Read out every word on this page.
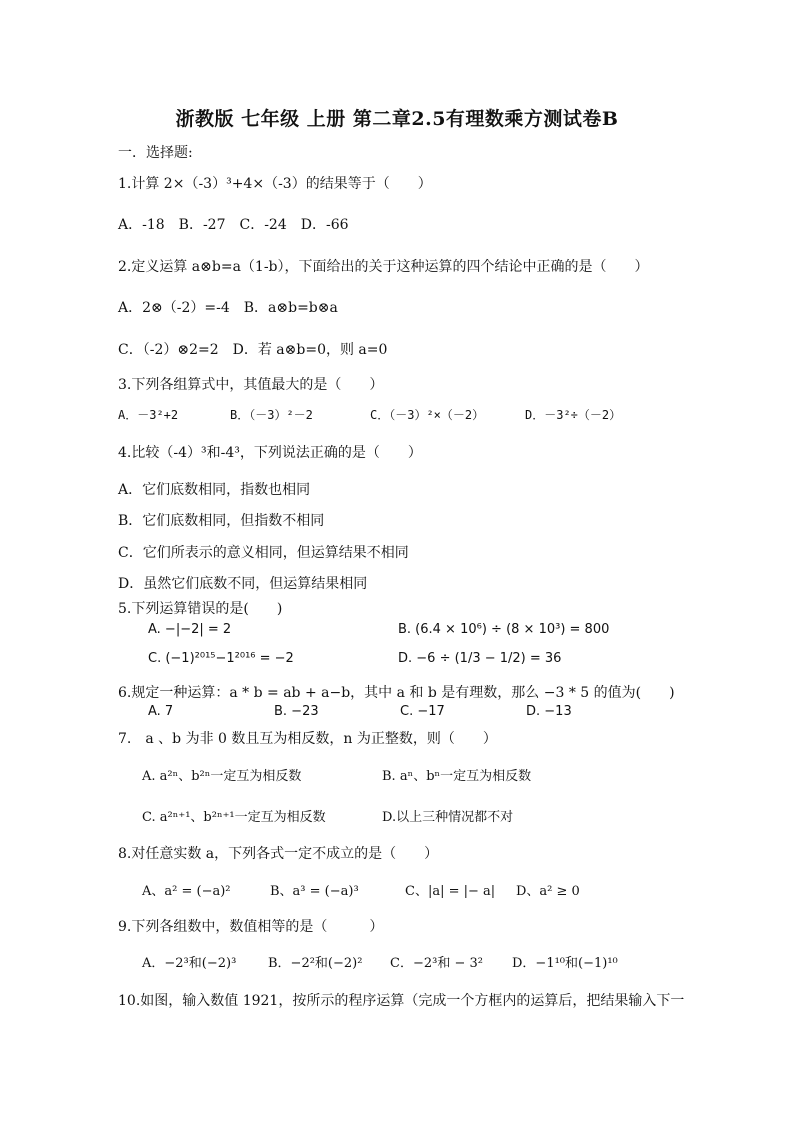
浙教版 七年级 上册 第二章2.5有理数乘方测试卷B
一．选择题:
1.计算 2×（-3）³+4×（-3）的结果等于（　　）
A．-18　B．-27　C．-24　D．-66
2.定义运算 a⊗b=a（1-b），下面给出的关于这种运算的四个结论中正确的是（　　）
A．2⊗（-2）=-4　B．a⊗b=b⊗a
C．（-2）⊗2=2　D．若 a⊗b=0，则 a=0
3.下列各组算式中，其值最大的是（　　）
A．－3²+2	B．（－3）²－2	C．（－3）²×（－2）	D．－3²÷（－2）
4.比较（-4）³和-4³，下列说法正确的是（　　）
A．它们底数相同，指数也相同
B．它们底数相同，但指数不相同
C．它们所表示的意义相同，但运算结果不相同
D．虽然它们底数不同，但运算结果相同
5.下列运算错误的是(　　)
A. −|−2| = 2	B. (6.4 × 10⁶) ÷ (8 × 10³) = 800
C. (−1)²⁰¹⁵−1²⁰¹⁶ = −2	D. −6 ÷ (1/3 − 1/2) = 36
6.规定一种运算：a * b = ab + a−b，其中 a 和 b 是有理数，那么 −3 * 5 的值为(　　)
A. 7	B. −23	C. −17	D. −13
7.　a 、b 为非 0 数且互为相反数，n 为正整数，则（　　）
A. a²ⁿ、b²ⁿ一定互为相反数	B. aⁿ、bⁿ一定互为相反数
C. a²ⁿ⁺¹、b²ⁿ⁺¹一定互为相反数	D.以上三种情况都不对
8.对任意实数 a，下列各式一定不成立的是（　　）
A、a² = (−a)²	B、a³ = (−a)³	C、|a| = |− a| D、a² ≥ 0
9.下列各组数中，数值相等的是（　　　）
A．−2³和(−2)³ B．−2²和(−2)² C．−2³和 − 3² D．−1¹⁰和(−1)¹⁰
10.如图，输入数值 1921，按所示的程序运算（完成一个方框内的运算后，把结果输入下一
